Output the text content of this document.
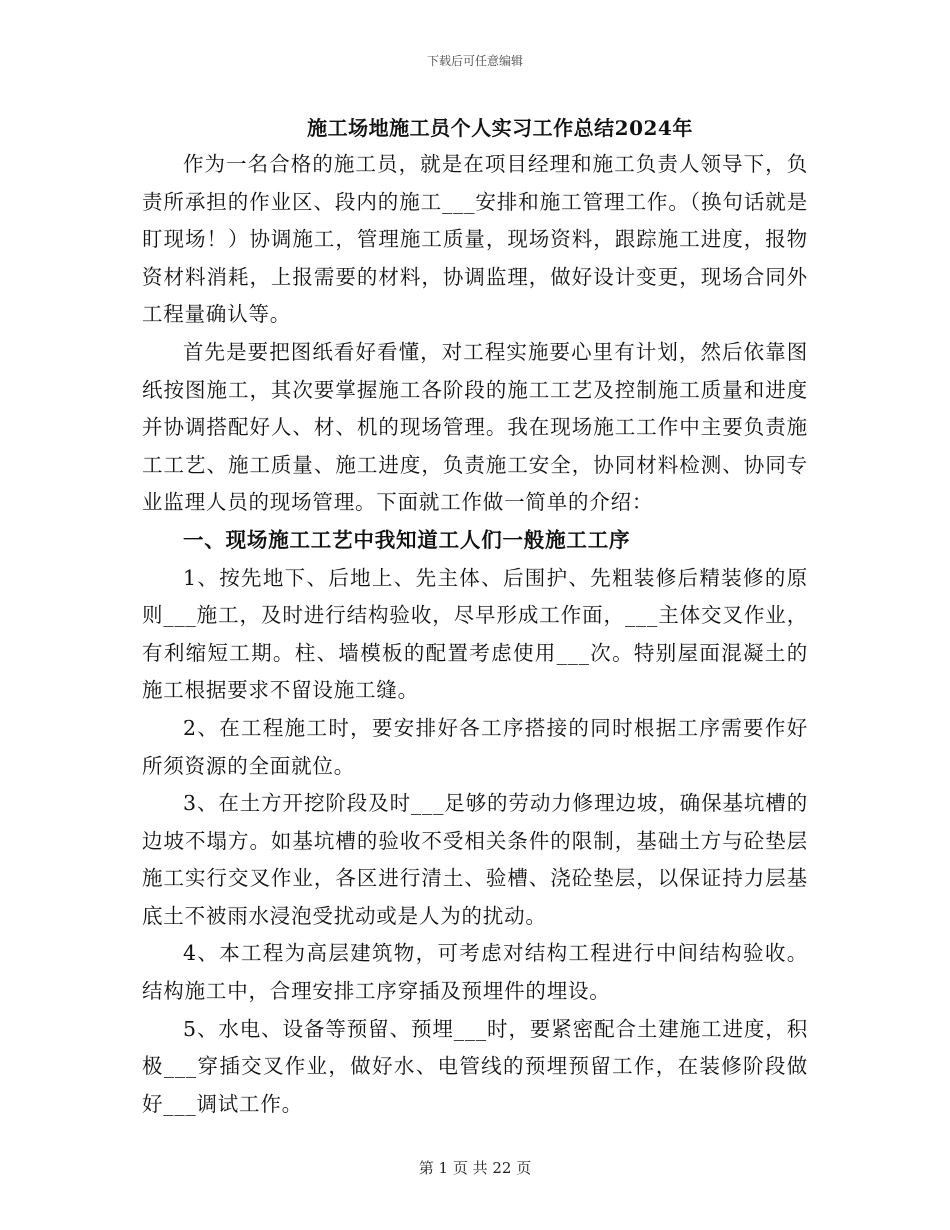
下载后可任意编辑
施工场地施工员个人实习工作总结2024年

作为一名合格的施工员，就是在项目经理和施工负责人领导下，负责所承担的作业区、段内的施工___安排和施工管理工作。（换句话就是盯现场！）协调施工，管理施工质量，现场资料，跟踪施工进度，报物资材料消耗，上报需要的材料，协调监理，做好设计变更，现场合同外工程量确认等。

首先是要把图纸看好看懂，对工程实施要心里有计划，然后依靠图纸按图施工，其次要掌握施工各阶段的施工工艺及控制施工质量和进度并协调搭配好人、材、机的现场管理。我在现场施工工作中主要负责施工工艺、施工质量、施工进度，负责施工安全，协同材料检测、协同专业监理人员的现场管理。下面就工作做一简单的介绍：

一、现场施工工艺中我知道工人们一般施工工序

1、按先地下、后地上、先主体、后围护、先粗装修后精装修的原则___施工，及时进行结构验收，尽早形成工作面，___主体交叉作业，有利缩短工期。柱、墙模板的配置考虑使用___次。特别屋面混凝土的施工根据要求不留设施工缝。

2、在工程施工时，要安排好各工序搭接的同时根据工序需要作好所须资源的全面就位。

3、在土方开挖阶段及时___足够的劳动力修理边坡，确保基坑槽的边坡不塌方。如基坑槽的验收不受相关条件的限制，基础土方与砼垫层施工实行交叉作业，各区进行清土、验槽、浇砼垫层，以保证持力层基底土不被雨水浸泡受扰动或是人为的扰动。

4、本工程为高层建筑物，可考虑对结构工程进行中间结构验收。结构施工中，合理安排工序穿插及预埋件的埋设。

5、水电、设备等预留、预埋___时，要紧密配合土建施工进度，积极___穿插交叉作业，做好水、电管线的预埋预留工作，在装修阶段做好___调试工作。

第 1 页 共 22 页
